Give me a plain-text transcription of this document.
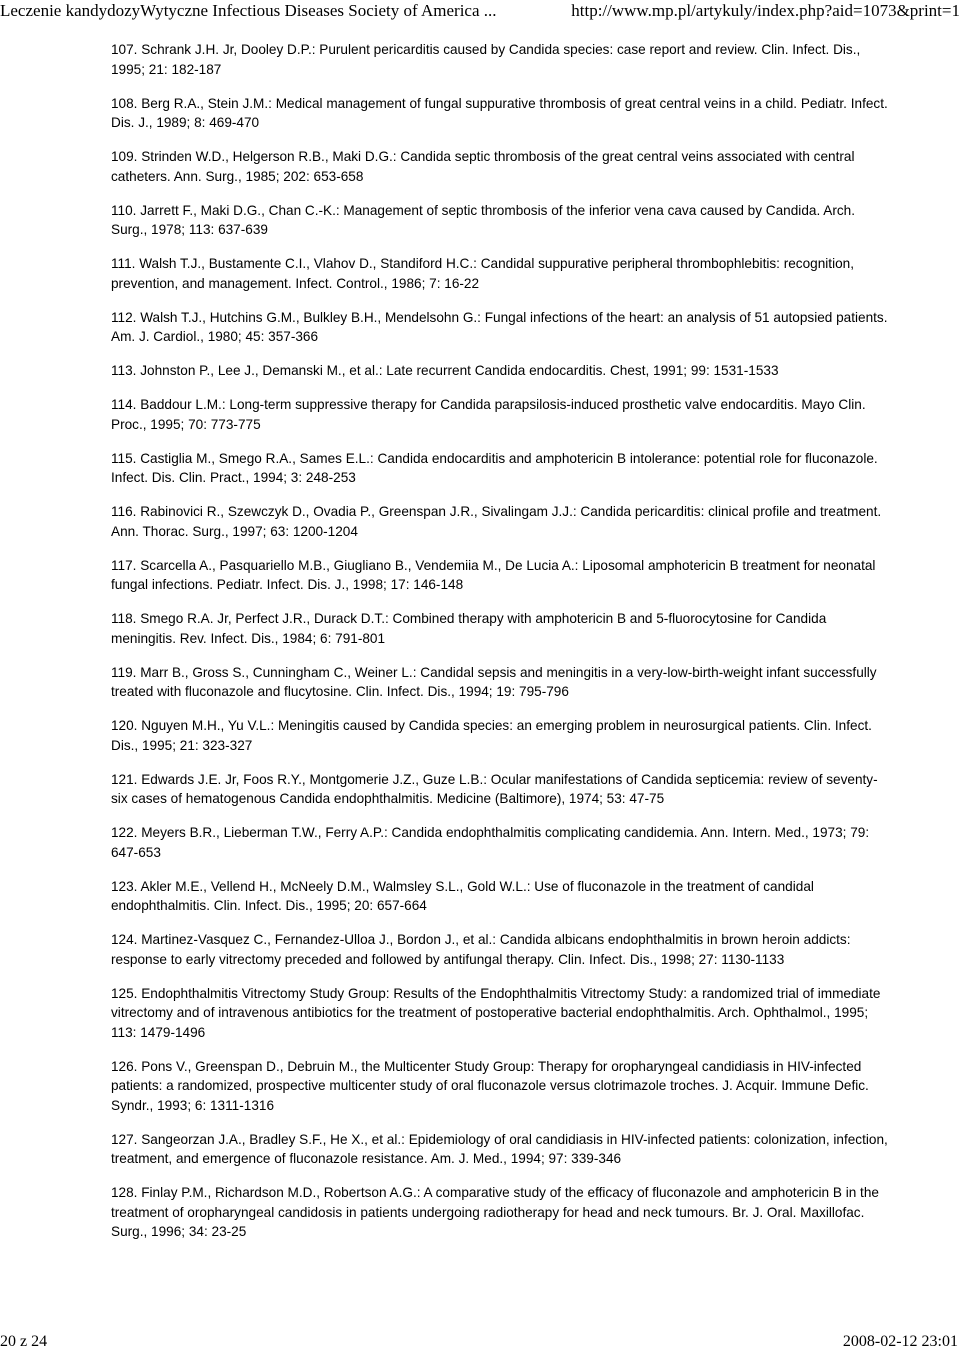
Leczenie kandydozyWytyczne Infectious Diseases Society of America ...	http://www.mp.pl/artykuly/index.php?aid=1073&print=1
107. Schrank J.H. Jr, Dooley D.P.: Purulent pericarditis caused by Candida species: case report and review. Clin. Infect. Dis., 1995; 21: 182-187
108. Berg R.A., Stein J.M.: Medical management of fungal suppurative thrombosis of great central veins in a child. Pediatr. Infect. Dis. J., 1989; 8: 469-470
109. Strinden W.D., Helgerson R.B., Maki D.G.: Candida septic thrombosis of the great central veins associated with central catheters. Ann. Surg., 1985; 202: 653-658
110. Jarrett F., Maki D.G., Chan C.-K.: Management of septic thrombosis of the inferior vena cava caused by Candida. Arch. Surg., 1978; 113: 637-639
111. Walsh T.J., Bustamente C.I., Vlahov D., Standiford H.C.: Candidal suppurative peripheral thrombophlebitis: recognition, prevention, and management. Infect. Control., 1986; 7: 16-22
112. Walsh T.J., Hutchins G.M., Bulkley B.H., Mendelsohn G.: Fungal infections of the heart: an analysis of 51 autopsied patients. Am. J. Cardiol., 1980; 45: 357-366
113. Johnston P., Lee J., Demanski M., et al.: Late recurrent Candida endocarditis. Chest, 1991; 99: 1531-1533
114. Baddour L.M.: Long-term suppressive therapy for Candida parapsilosis-induced prosthetic valve endocarditis. Mayo Clin. Proc., 1995; 70: 773-775
115. Castiglia M., Smego R.A., Sames E.L.: Candida endocarditis and amphotericin B intolerance: potential role for fluconazole. Infect. Dis. Clin. Pract., 1994; 3: 248-253
116. Rabinovici R., Szewczyk D., Ovadia P., Greenspan J.R., Sivalingam J.J.: Candida pericarditis: clinical profile and treatment. Ann. Thorac. Surg., 1997; 63: 1200-1204
117. Scarcella A., Pasquariello M.B., Giugliano B., Vendemiia M., De Lucia A.: Liposomal amphotericin B treatment for neonatal fungal infections. Pediatr. Infect. Dis. J., 1998; 17: 146-148
118. Smego R.A. Jr, Perfect J.R., Durack D.T.: Combined therapy with amphotericin B and 5-fluorocytosine for Candida meningitis. Rev. Infect. Dis., 1984; 6: 791-801
119. Marr B., Gross S., Cunningham C., Weiner L.: Candidal sepsis and meningitis in a very-low-birth-weight infant successfully treated with fluconazole and flucytosine. Clin. Infect. Dis., 1994; 19: 795-796
120. Nguyen M.H., Yu V.L.: Meningitis caused by Candida species: an emerging problem in neurosurgical patients. Clin. Infect. Dis., 1995; 21: 323-327
121. Edwards J.E. Jr, Foos R.Y., Montgomerie J.Z., Guze L.B.: Ocular manifestations of Candida septicemia: review of seventy-six cases of hematogenous Candida endophthalmitis. Medicine (Baltimore), 1974; 53: 47-75
122. Meyers B.R., Lieberman T.W., Ferry A.P.: Candida endophthalmitis complicating candidemia. Ann. Intern. Med., 1973; 79: 647-653
123. Akler M.E., Vellend H., McNeely D.M., Walmsley S.L., Gold W.L.: Use of fluconazole in the treatment of candidal endophthalmitis. Clin. Infect. Dis., 1995; 20: 657-664
124. Martinez-Vasquez C., Fernandez-Ulloa J., Bordon J., et al.: Candida albicans endophthalmitis in brown heroin addicts: response to early vitrectomy preceded and followed by antifungal therapy. Clin. Infect. Dis., 1998; 27: 1130-1133
125. Endophthalmitis Vitrectomy Study Group: Results of the Endophthalmitis Vitrectomy Study: a randomized trial of immediate vitrectomy and of intravenous antibiotics for the treatment of postoperative bacterial endophthalmitis. Arch. Ophthalmol., 1995; 113: 1479-1496
126. Pons V., Greenspan D., Debruin M., the Multicenter Study Group: Therapy for oropharyngeal candidiasis in HIV-infected patients: a randomized, prospective multicenter study of oral fluconazole versus clotrimazole troches. J. Acquir. Immune Defic. Syndr., 1993; 6: 1311-1316
127. Sangeorzan J.A., Bradley S.F., He X., et al.: Epidemiology of oral candidiasis in HIV-infected patients: colonization, infection, treatment, and emergence of fluconazole resistance. Am. J. Med., 1994; 97: 339-346
128. Finlay P.M., Richardson M.D., Robertson A.G.: A comparative study of the efficacy of fluconazole and amphotericin B in the treatment of oropharyngeal candidosis in patients undergoing radiotherapy for head and neck tumours. Br. J. Oral. Maxillofac. Surg., 1996; 34: 23-25
20 z 24	2008-02-12 23:01
